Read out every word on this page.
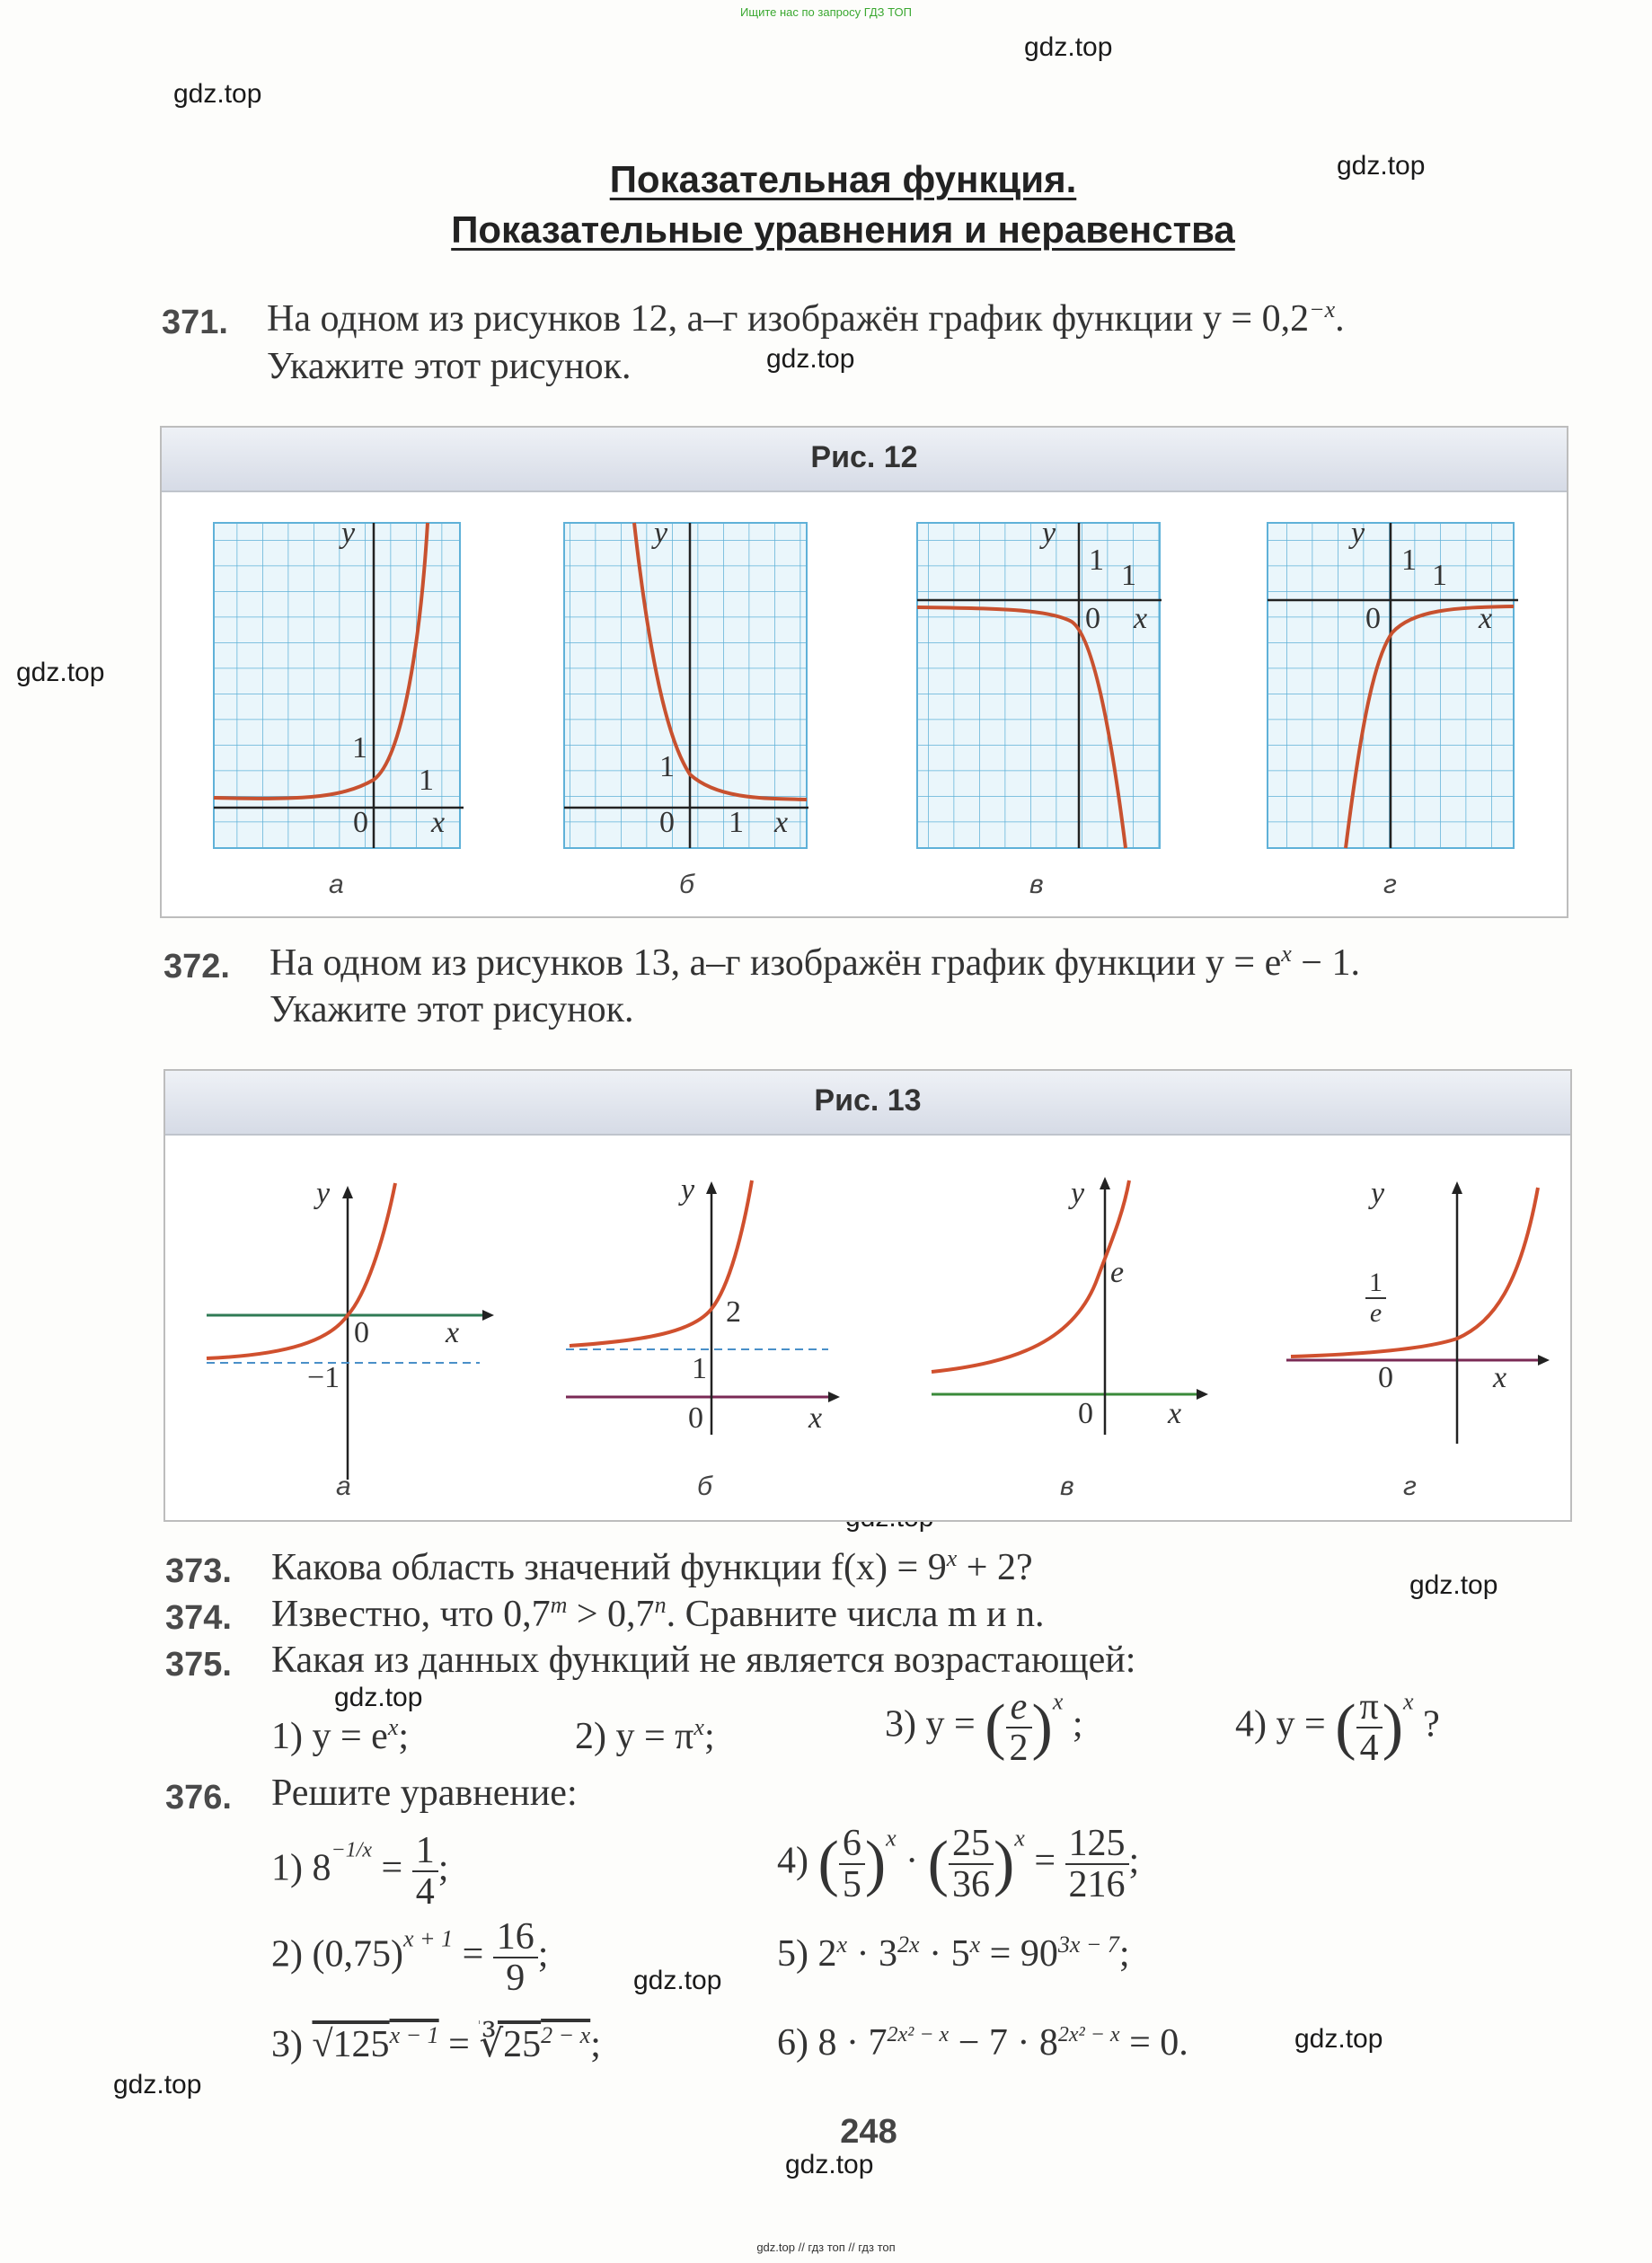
Ищите нас по запросу ГДЗ ТОП
gdz.top // гдз топ // гдз топ
gdz.top
gdz.top
gdz.top
gdz.top
gdz.top
gdz.top
gdz.top
gdz.top
gdz.top
gdz.top
gdz.top
Показательная функция.
Показательные уравнения и неравенства
371. На одном из рисунков 12, а–г изображён график функции $y = 0,2^{-x}$.
Укажите этот рисунок.
Рис. 12
y
1
1
0 x
а
y
1
0 1 x
б
y
1 1
0 x
в
y
1 1
0	x
г
372. На одном из рисунков 13, а–г изображён график функции $y = e^x - 1$.
Укажите этот рисунок.
Рис. 13
y
0	x
−1
а
y
2
1
0	x
б
y
e
0 x
в
y
$\frac{1}{e}$
0	x
г
373. Какова область значений функции $f(x) = 9^x + 2$?
374. Известно, что $0,7^m > 0,7^n$. Сравните числа m и n.
375. Какая из данных функций не является возрастающей:
1) $y = e^x$;	2) $y = \pi^x$;	3) y = ( $\frac{e}{2} )^x$ ;	4) y = ( $\frac{\pi}{4} )^x$ ?
376. Решите уравнение:
1) $8^{-1/x} = \frac{1}{4}$ ;
2) $(0,75)^{x + 1} = \frac{16}{9}$ ;
3) $√125^{x - 1}$ = $∛25^{2 - x}$;
4) ( $\frac{6}{5} )^x$ · ( $\frac{25}{36} )^x = \frac{125}{216}$ ;
5) $2^x \cdot 3^{2x} \cdot 5^x = 90^{3x - 7}$;
6) $8 \cdot 7^{2x^2 - x} - 7 \cdot 8^{2x^2 - x} = 0$.
248
